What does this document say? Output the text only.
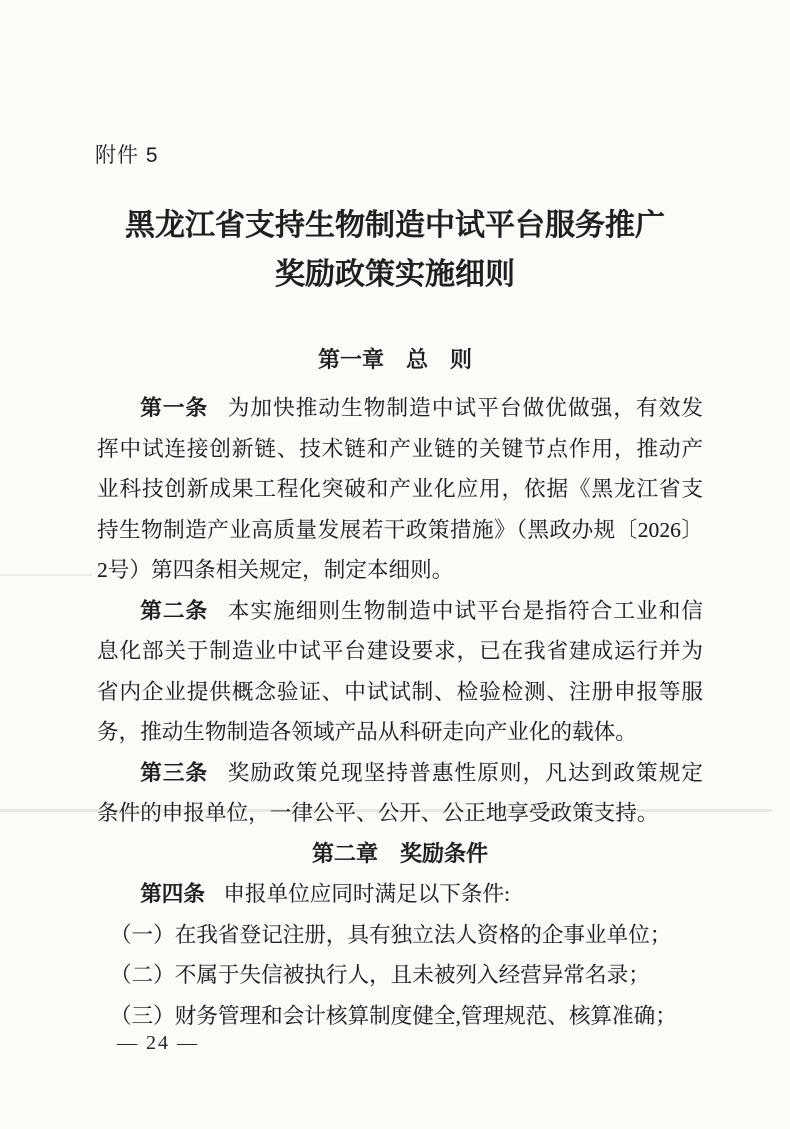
附件 5
黑龙江省支持生物制造中试平台服务推广
奖励政策实施细则
第一章　总　则
第一条 为加快推动生物制造中试平台做优做强，有效发
挥中试连接创新链、技术链和产业链的关键节点作用，推动产
业科技创新成果工程化突破和产业化应用，依据《黑龙江省支
持生物制造产业高质量发展若干政策措施》（黑政办规〔2026〕
2号）第四条相关规定，制定本细则。
第二条 本实施细则生物制造中试平台是指符合工业和信
息化部关于制造业中试平台建设要求，已在我省建成运行并为
省内企业提供概念验证、中试试制、检验检测、注册申报等服
务，推动生物制造各领域产品从科研走向产业化的载体。
第三条 奖励政策兑现坚持普惠性原则，凡达到政策规定
条件的申报单位，一律公平、公开、公正地享受政策支持。
第二章　奖励条件
第四条 申报单位应同时满足以下条件:
（一）在我省登记注册，具有独立法人资格的企事业单位；
（二）不属于失信被执行人，且未被列入经营异常名录；
（三）财务管理和会计核算制度健全,管理规范、核算准确；
— 24 —
